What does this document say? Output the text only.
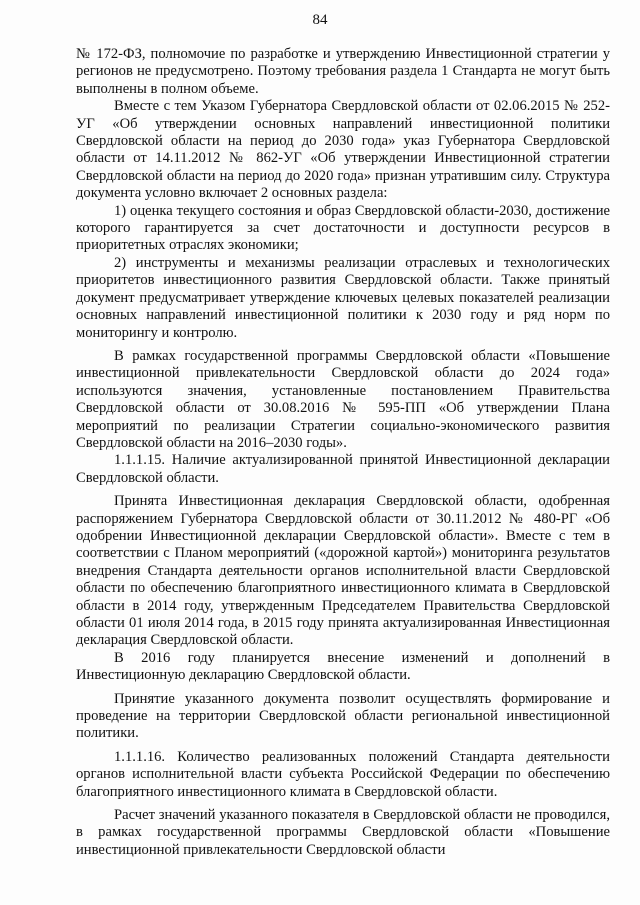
84

№ 172-ФЗ, полномочие по разработке и утверждению Инвестиционной стратегии у регионов не предусмотрено. Поэтому требования раздела 1 Стандарта не могут быть выполнены в полном объеме.

Вместе с тем Указом Губернатора Свердловской области от 02.06.2015 № 252-УГ «Об утверждении основных направлений инвестиционной политики Свердловской области на период до 2030 года» указ Губернатора Свердловской области от 14.11.2012 № 862-УГ «Об утверждении Инвестиционной стратегии Свердловской области на период до 2020 года» признан утратившим силу. Структура документа условно включает 2 основных раздела:

1) оценка текущего состояния и образ Свердловской области-2030, достижение которого гарантируется за счет достаточности и доступности ресурсов в приоритетных отраслях экономики;

2) инструменты и механизмы реализации отраслевых и технологических приоритетов инвестиционного развития Свердловской области. Также принятый документ предусматривает утверждение ключевых целевых показателей реализации основных направлений инвестиционной политики к 2030 году и ряд норм по мониторингу и контролю.

В рамках государственной программы Свердловской области «Повышение инвестиционной привлекательности Свердловской области до 2024 года» используются значения, установленные постановлением Правительства Свердловской области от 30.08.2016 № 595-ПП «Об утверждении Плана мероприятий по реализации Стратегии социально-экономического развития Свердловской области на 2016–2030 годы».

1.1.1.15. Наличие актуализированной принятой Инвестиционной декларации Свердловской области.

Принята Инвестиционная декларация Свердловской области, одобренная распоряжением Губернатора Свердловской области от 30.11.2012 № 480-РГ «Об одобрении Инвестиционной декларации Свердловской области». Вместе с тем в соответствии с Планом мероприятий («дорожной картой») мониторинга результатов внедрения Стандарта деятельности органов исполнительной власти Свердловской области по обеспечению благоприятного инвестиционного климата в Свердловской области в 2014 году, утвержденным Председателем Правительства Свердловской области 01 июля 2014 года, в 2015 году принята актуализированная Инвестиционная декларация Свердловской области.

В 2016 году планируется внесение изменений и дополнений в Инвестиционную декларацию Свердловской области.

Принятие указанного документа позволит осуществлять формирование и проведение на территории Свердловской области региональной инвестиционной политики.

1.1.1.16. Количество реализованных положений Стандарта деятельности органов исполнительной власти субъекта Российской Федерации по обеспечению благоприятного инвестиционного климата в Свердловской области.

Расчет значений указанного показателя в Свердловской области не проводился, в рамках государственной программы Свердловской области «Повышение инвестиционной привлекательности Свердловской области
